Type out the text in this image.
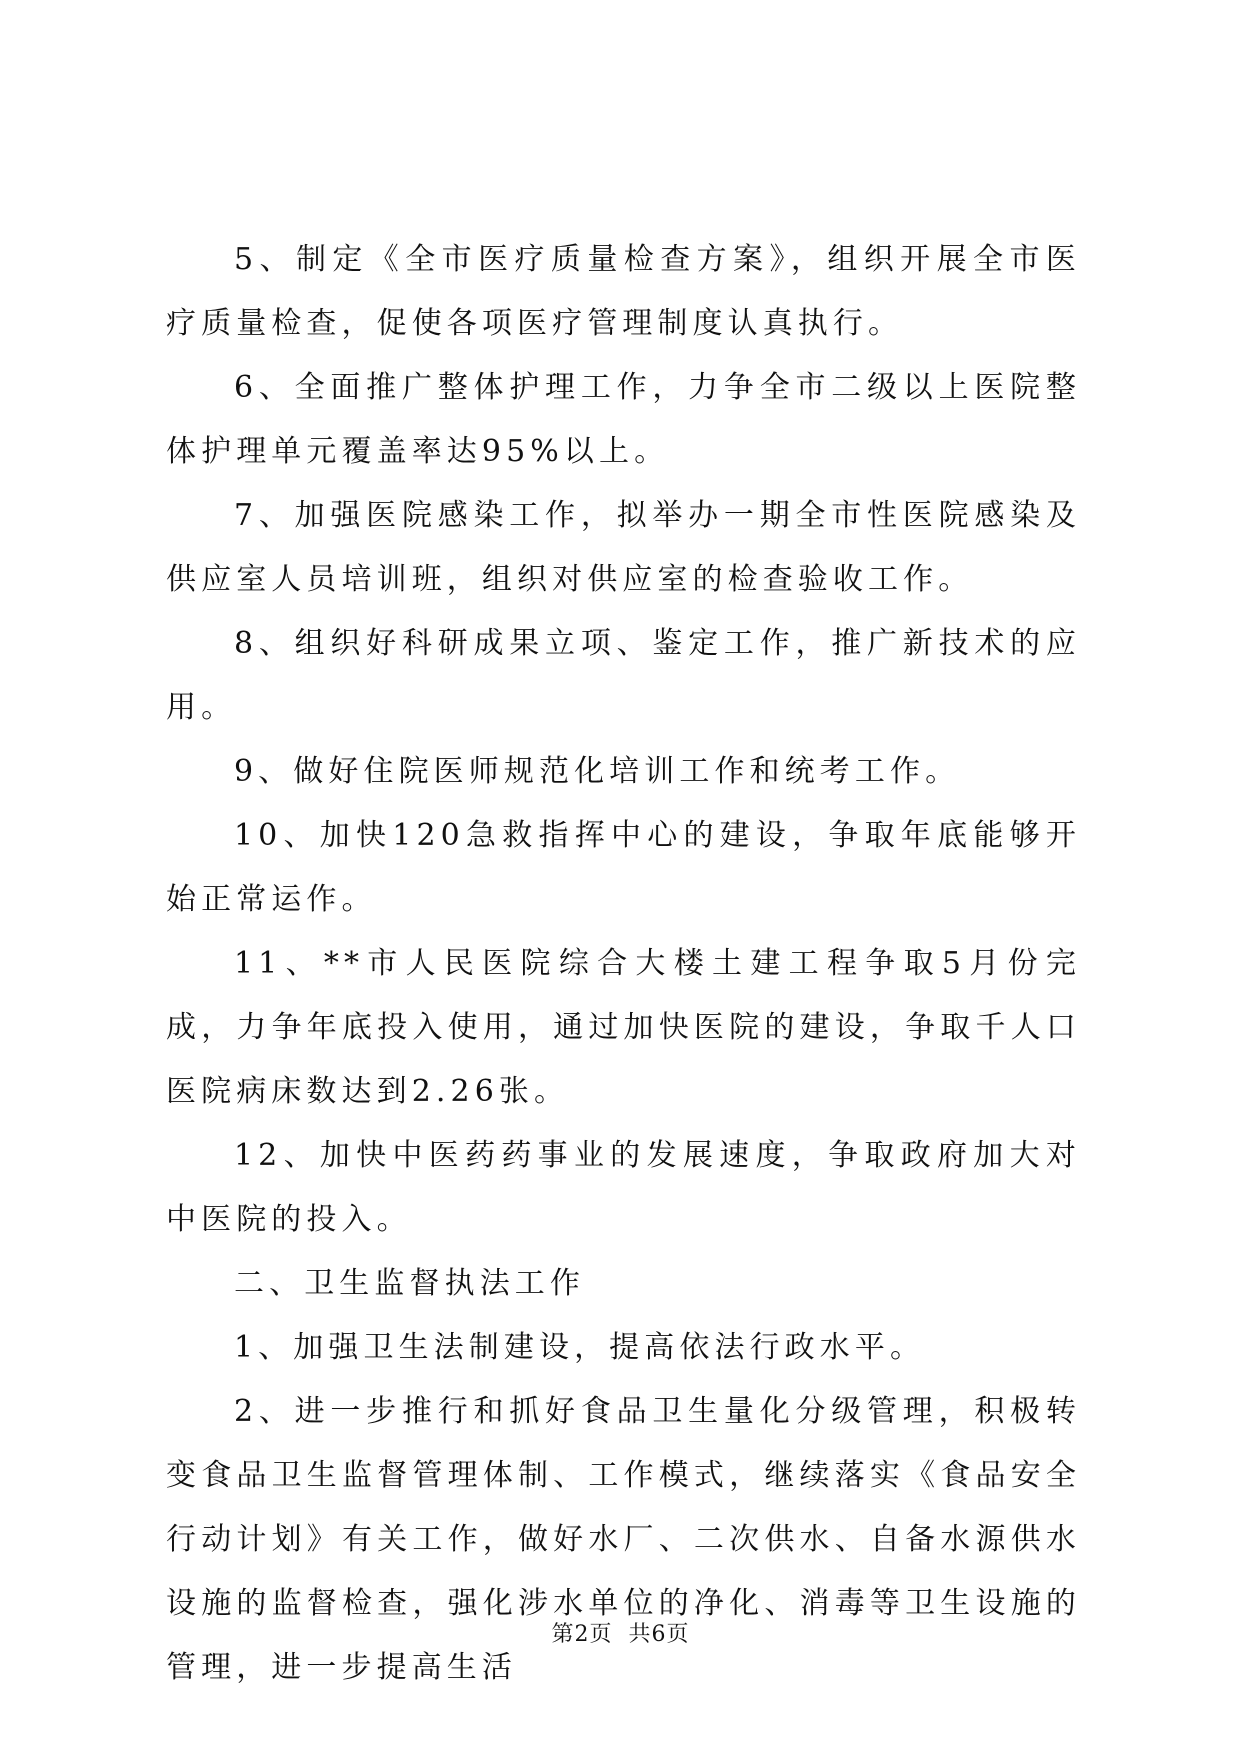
5、制定《全市医疗质量检查方案》，组织开展全市医疗质量检查，促使各项医疗管理制度认真执行。

6、全面推广整体护理工作，力争全市二级以上医院整体护理单元覆盖率达95%以上。

7、加强医院感染工作，拟举办一期全市性医院感染及供应室人员培训班，组织对供应室的检查验收工作。

8、组织好科研成果立项、鉴定工作，推广新技术的应用。

9、做好住院医师规范化培训工作和统考工作。

10、加快120急救指挥中心的建设，争取年底能够开始正常运作。

11、**市人民医院综合大楼土建工程争取5月份完成，力争年底投入使用，通过加快医院的建设，争取千人口医院病床数达到2.26张。

12、加快中医药药事业的发展速度，争取政府加大对中医院的投入。

二、卫生监督执法工作

1、加强卫生法制建设，提高依法行政水平。

2、进一步推行和抓好食品卫生量化分级管理，积极转变食品卫生监督管理体制、工作模式，继续落实《食品安全行动计划》有关工作，做好水厂、二次供水、自备水源供水设施的监督检查，强化涉水单位的净化、消毒等卫生设施的管理，进一步提高生活

第2页 共6页
